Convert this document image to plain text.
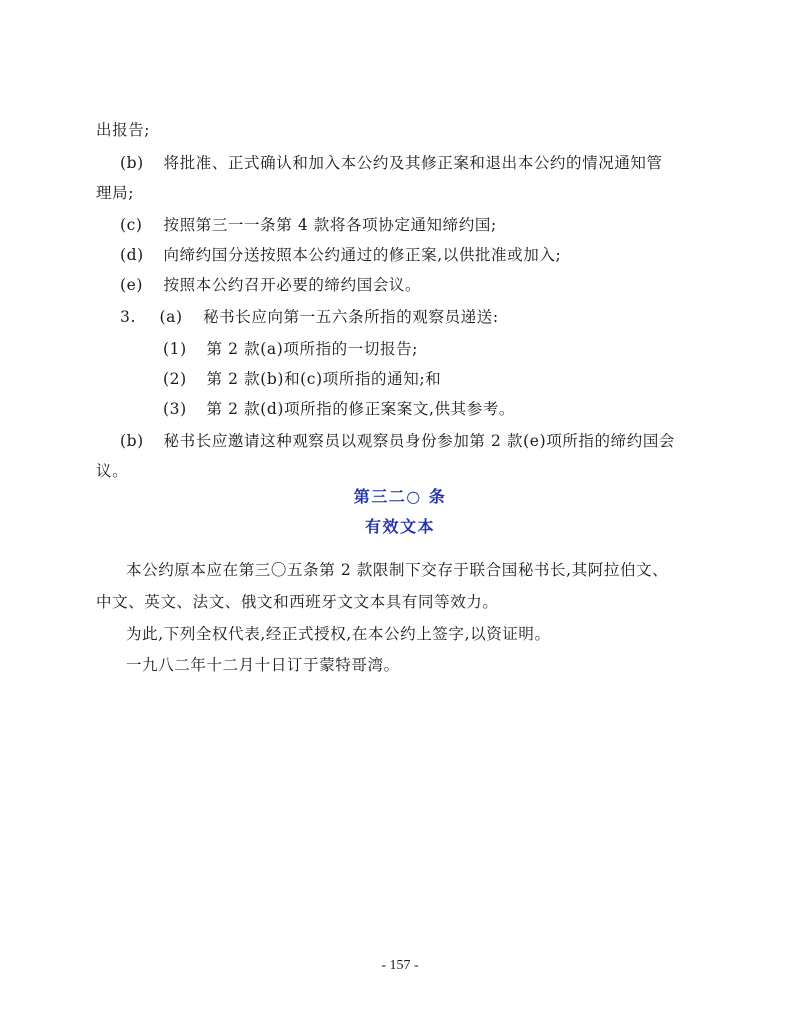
出报告;
(b) 将批准、正式确认和加入本公约及其修正案和退出本公约的情况通知管
理局;
(c) 按照第三一一条第 4 款将各项协定通知缔约国;
(d) 向缔约国分送按照本公约通过的修正案,以供批准或加入;
(e) 按照本公约召开必要的缔约国会议。
3. (a) 秘书长应向第一五六条所指的观察员递送:
(1) 第 2 款(a)项所指的一切报告;
(2) 第 2 款(b)和(c)项所指的通知;和
(3) 第 2 款(d)项所指的修正案案文,供其参考。
(b) 秘书长应邀请这种观察员以观察员身份参加第 2 款(e)项所指的缔约国会
议。
第三二○ 条
有效文本
本公约原本应在第三〇五条第 2 款限制下交存于联合国秘书长,其阿拉伯文、
中文、英文、法文、俄文和西班牙文文本具有同等效力。
为此,下列全权代表,经正式授权,在本公约上签字,以资证明。
一九八二年十二月十日订于蒙特哥湾。
- 157 -
